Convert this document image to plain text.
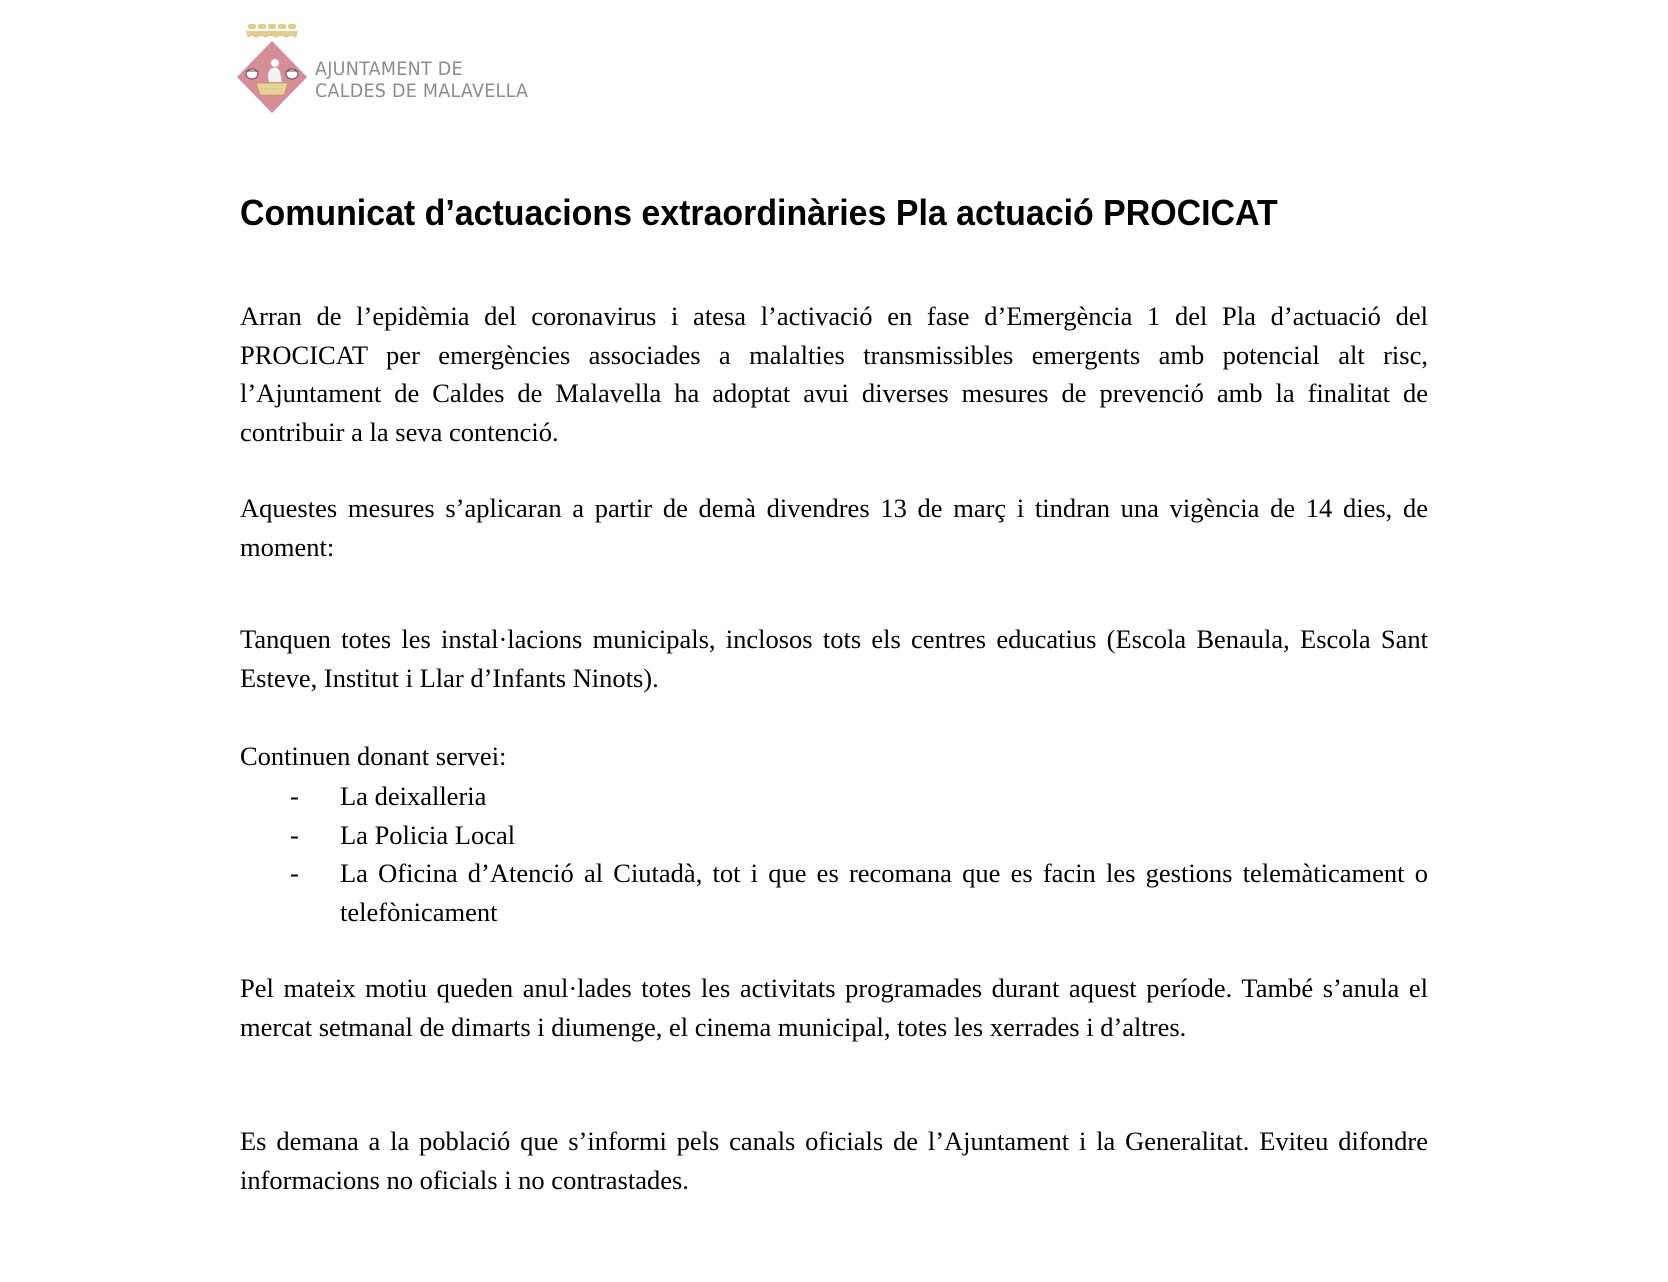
AJUNTAMENT DE
CALDES DE MALAVELLA
Comunicat d’actuacions extraordinàries Pla actuació PROCICAT

Arran de l’epidèmia del coronavirus i atesa l’activació en fase d’Emergència 1 del Pla d’actuació del PROCICAT per emergències associades a malalties transmissibles emergents amb potencial alt risc, l’Ajuntament de Caldes de Malavella ha adoptat avui diverses mesures de prevenció amb la finalitat de contribuir a la seva contenció.

Aquestes mesures s’aplicaran a partir de demà divendres 13 de març i tindran una vigència de 14 dies, de moment:

Tanquen totes les instal·lacions municipals, inclosos tots els centres educatius (Escola Benaula, Escola Sant Esteve, Institut i Llar d’Infants Ninots).

Continuen donant servei:

- La deixalleria
- La Policia Local
- La Oficina d’Atenció al Ciutadà, tot i que es recomana que es facin les gestions telemàticament o telefònicament

Pel mateix motiu queden anul·lades totes les activitats programades durant aquest període. També s’anula el mercat setmanal de dimarts i diumenge, el cinema municipal, totes les xerrades i d’altres.

Es demana a la població que s’informi pels canals oficials de l’Ajuntament i la Generalitat. Eviteu difondre informacions no oficials i no contrastades.
